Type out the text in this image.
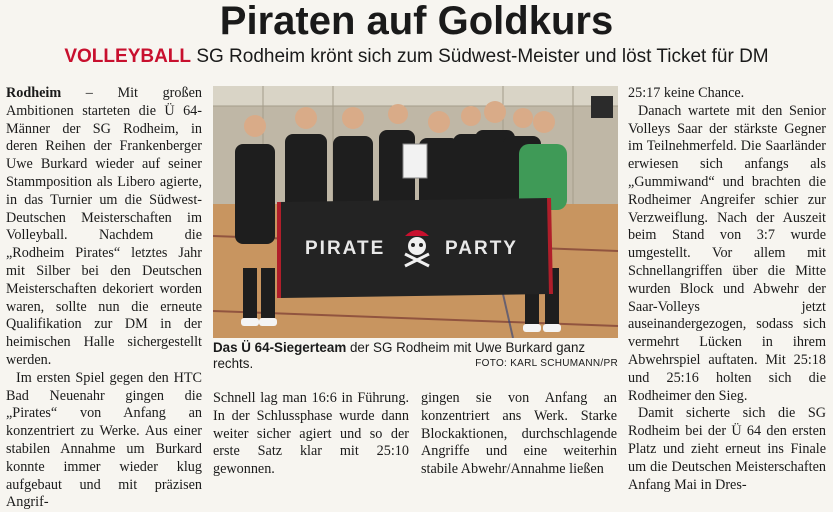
Piraten auf Goldkurs
VOLLEYBALL SG Rodheim krönt sich zum Südwest-Meister und löst Ticket für DM

Rodheim – Mit großen Ambitionen starteten die Ü 64-Männer der SG Rodheim, in deren Reihen der Frankenberger Uwe Burkard wieder auf seiner Stammposition als Libero agierte, in das Turnier um die Südwest-Deutschen Meisterschaften im Volleyball. Nachdem die „Rodheim Pirates“ letztes Jahr mit Silber bei den Deutschen Meisterschaften dekoriert worden waren, sollte nun die erneute Qualifikation zur DM in der heimischen Halle sichergestellt werden.

Im ersten Spiel gegen den HTC Bad Neuenahr gingen die „Pirates“ von Anfang an konzentriert zu Werke. Aus einer stabilen Annahme um Burkard konnte immer wieder klug aufgebaut und mit präzisen Angrif-

PIRATE	PARTY
Das Ü 64-Siegerteam der SG Rodheim mit Uwe Burkard ganz rechts.	FOTO: KARL SCHUMANN/PR

Schnell lag man 16:6 in Führung. In der Schlussphase wurde dann weiter sicher agiert und so der erste Satz klar mit 25:10 gewonnen.

gingen sie von Anfang an konzentriert ans Werk. Starke Blockaktionen, durchschlagende Angriffe und eine weiterhin stabile Abwehr/Annahme ließen

25:17 keine Chance.

Danach wartete mit den Senior Volleys Saar der stärkste Gegner im Teilnehmerfeld. Die Saarländer erwiesen sich anfangs als „Gummiwand“ und brachten die Rodheimer Angreifer schier zur Verzweiflung. Nach der Auszeit beim Stand von 3:7 wurde umgestellt. Vor allem mit Schnellangriffen über die Mitte wurden Block und Abwehr der Saar-Volleys jetzt auseinandergezogen, sodass sich vermehrt Lücken in ihrem Abwehrspiel auftaten. Mit 25:18 und 25:16 holten sich die Rodheimer den Sieg.

Damit sicherte sich die SG Rodheim bei der Ü 64 den ersten Platz und zieht erneut ins Finale um die Deutschen Meisterschaften Anfang Mai in Dres-
